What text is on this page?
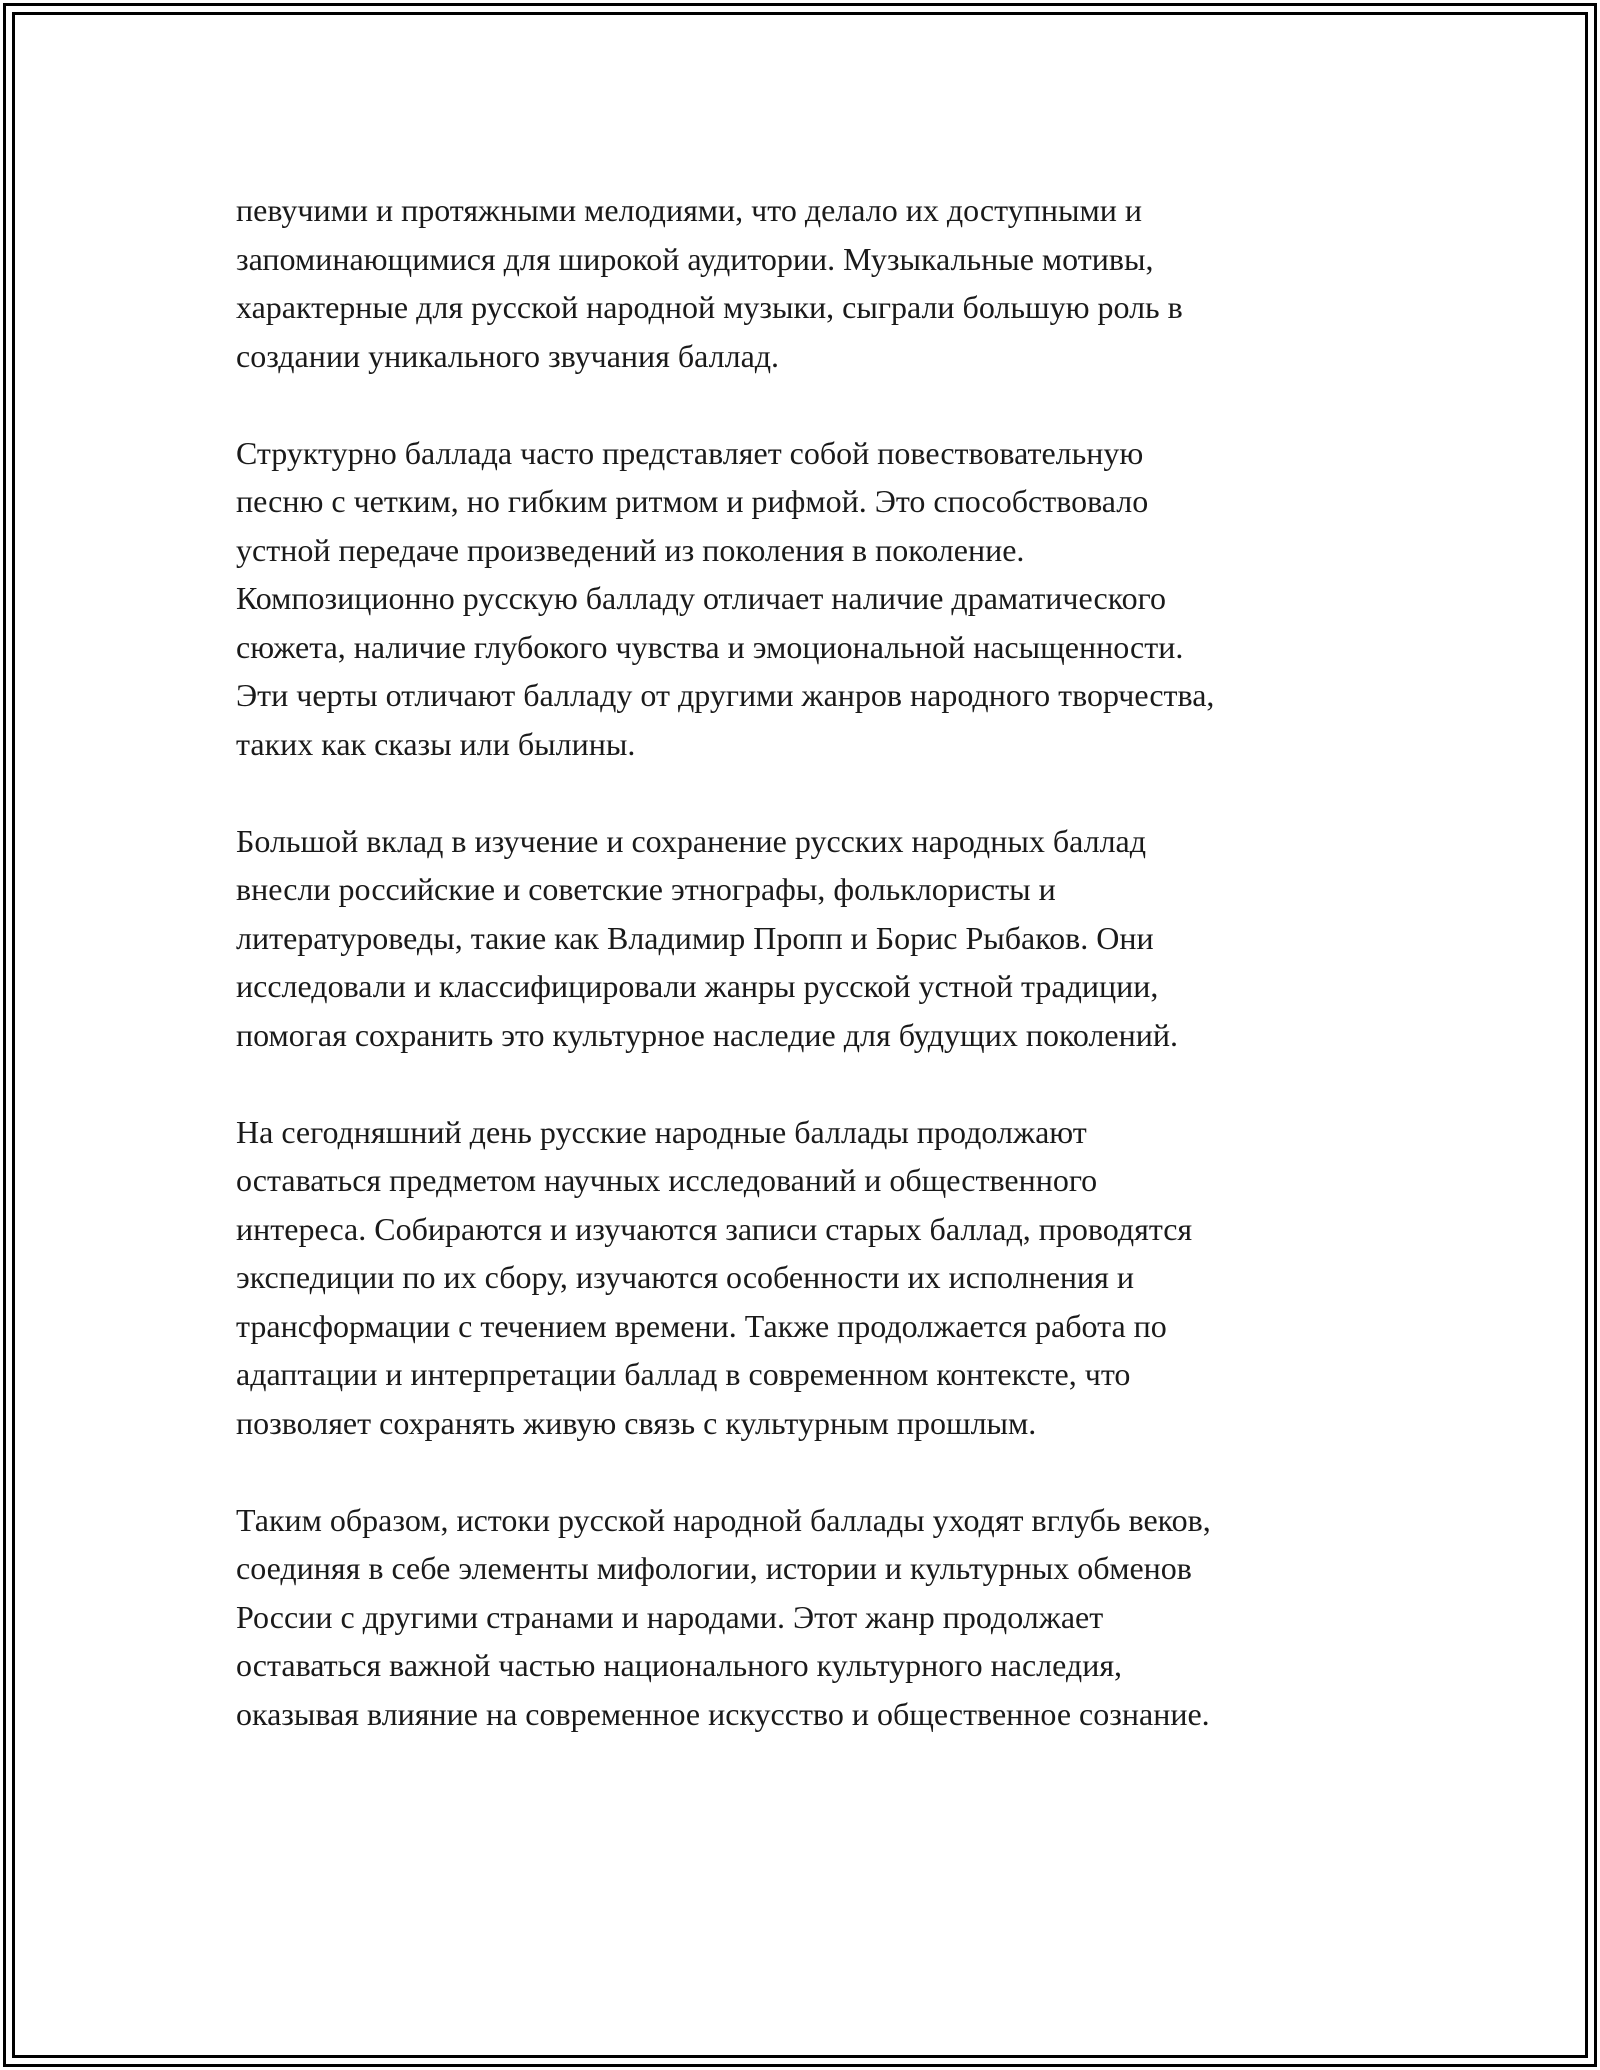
певучими и протяжными мелодиями, что делало их доступными и
запоминающимися для широкой аудитории. Музыкальные мотивы,
характерные для русской народной музыки, сыграли большую роль в
создании уникального звучания баллад.

Структурно баллада часто представляет собой повествовательную
песню с четким, но гибким ритмом и рифмой. Это способствовало
устной передаче произведений из поколения в поколение.
Композиционно русскую балладу отличает наличие драматического
сюжета, наличие глубокого чувства и эмоциональной насыщенности.
Эти черты отличают балладу от другими жанров народного творчества,
таких как сказы или былины.

Большой вклад в изучение и сохранение русских народных баллад
внесли российские и советские этнографы, фольклористы и
литературоведы, такие как Владимир Пропп и Борис Рыбаков. Они
исследовали и классифицировали жанры русской устной традиции,
помогая сохранить это культурное наследие для будущих поколений.

На сегодняшний день русские народные баллады продолжают
оставаться предметом научных исследований и общественного
интереса. Собираются и изучаются записи старых баллад, проводятся
экспедиции по их сбору, изучаются особенности их исполнения и
трансформации с течением времени. Также продолжается работа по
адаптации и интерпретации баллад в современном контексте, что
позволяет сохранять живую связь с культурным прошлым.

Таким образом, истоки русской народной баллады уходят вглубь веков,
соединяя в себе элементы мифологии, истории и культурных обменов
России с другими странами и народами. Этот жанр продолжает
оставаться важной частью национального культурного наследия,
оказывая влияние на современное искусство и общественное сознание.
